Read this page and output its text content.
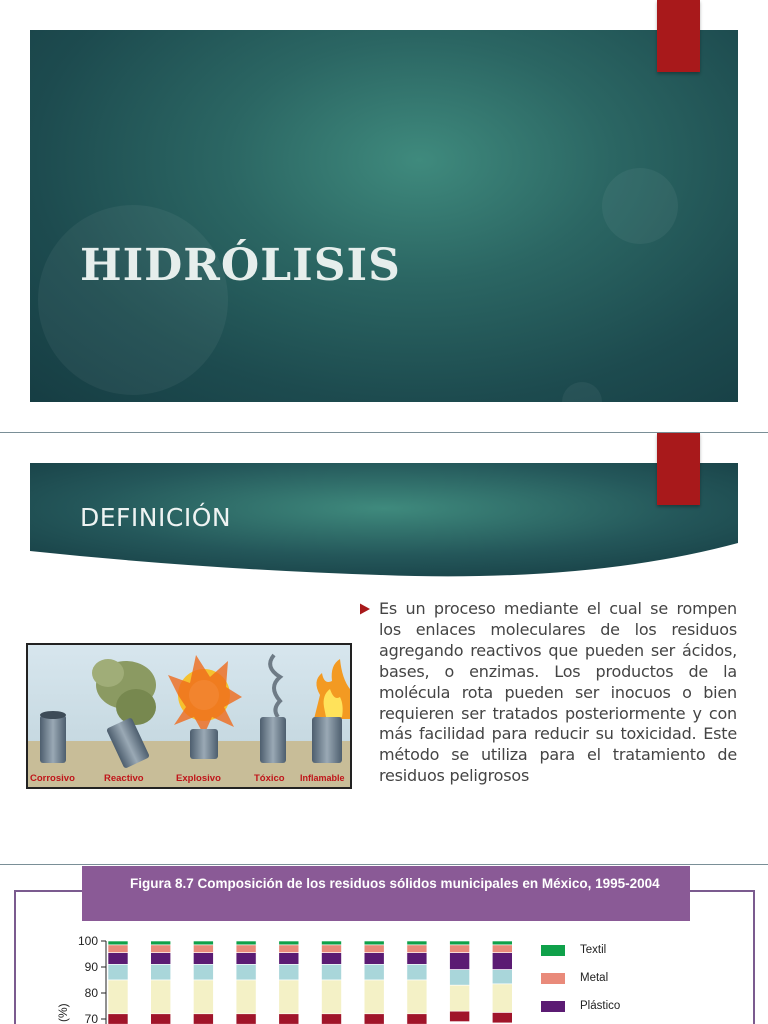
HIDRÓLISIS
DEFINICIÓN
Corrosivo	Reactivo	Explosivo	Tóxico Inflamable
Es un proceso mediante el cual se rompen los enlaces moleculares de los residuos agregando reactivos que pueden ser ácidos, bases, o enzimas. Los productos de la molécula rota pueden ser inocuos o bien requieren ser tratados posteriormente y con más facilidad para reducir su toxicidad. Este método se utiliza para el tratamiento de residuos peligrosos
Figura 8.7 Composición de los residuos sólidos municipales en México, 1995-2004
100
90
80
70
(%)
Textil
Metal
Plástico
